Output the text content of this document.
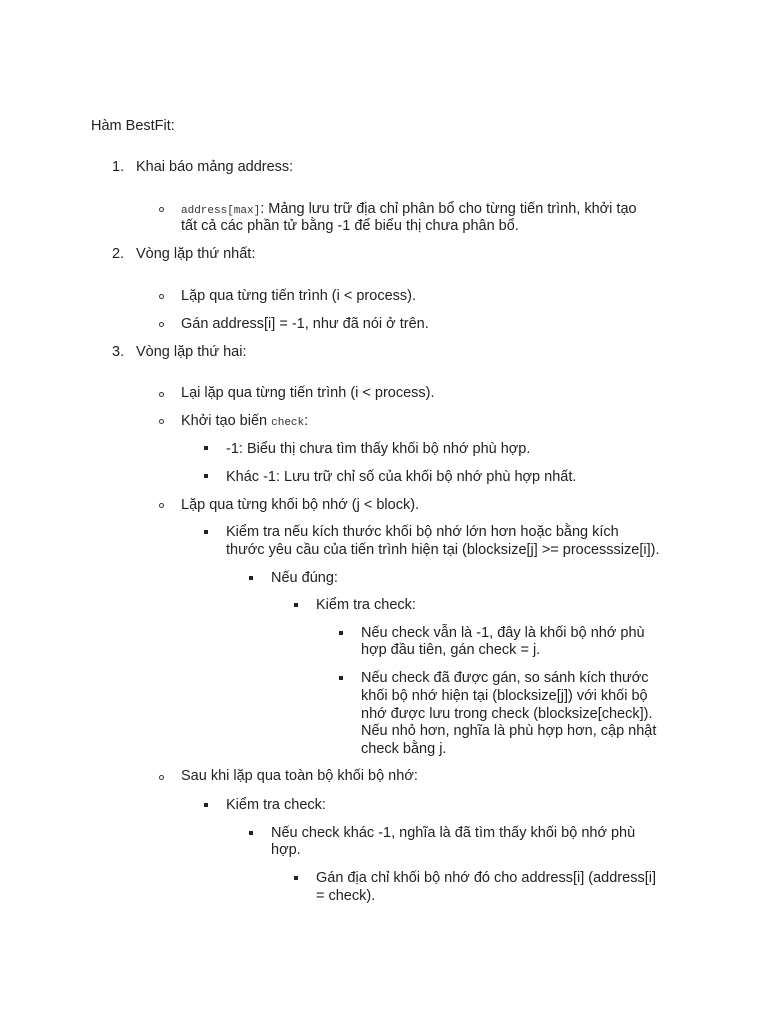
Hàm BestFit:
1. Khai báo mảng address:
address[max]: Mảng lưu trữ địa chỉ phân bổ cho từng tiến trình, khởi tạo
tất cả các phần tử bằng -1 để biểu thị chưa phân bổ.
2. Vòng lặp thứ nhất:
Lặp qua từng tiến trình (i < process).
Gán address[i] = -1, như đã nói ở trên.
3. Vòng lặp thứ hai:
Lại lặp qua từng tiến trình (i < process).
Khởi tạo biến check:
-1: Biểu thị chưa tìm thấy khối bộ nhớ phù hợp.
Khác -1: Lưu trữ chỉ số của khối bộ nhớ phù hợp nhất.
Lặp qua từng khối bộ nhớ (j < block).
Kiểm tra nếu kích thước khối bộ nhớ lớn hơn hoặc bằng kích
thước yêu cầu của tiến trình hiện tại (blocksize[j] >= processsize[i]).
Nếu đúng:
Kiểm tra check:
Nếu check vẫn là -1, đây là khối bộ nhớ phù
hợp đầu tiên, gán check = j.
Nếu check đã được gán, so sánh kích thước
khối bộ nhớ hiện tại (blocksize[j]) với khối bộ
nhớ được lưu trong check (blocksize[check]).
Nếu nhỏ hơn, nghĩa là phù hợp hơn, cập nhật
check bằng j.
Sau khi lặp qua toàn bộ khối bộ nhớ:
Kiểm tra check:
Nếu check khác -1, nghĩa là đã tìm thấy khối bộ nhớ phù
hợp.
Gán địa chỉ khối bộ nhớ đó cho address[i] (address[i]
= check).
